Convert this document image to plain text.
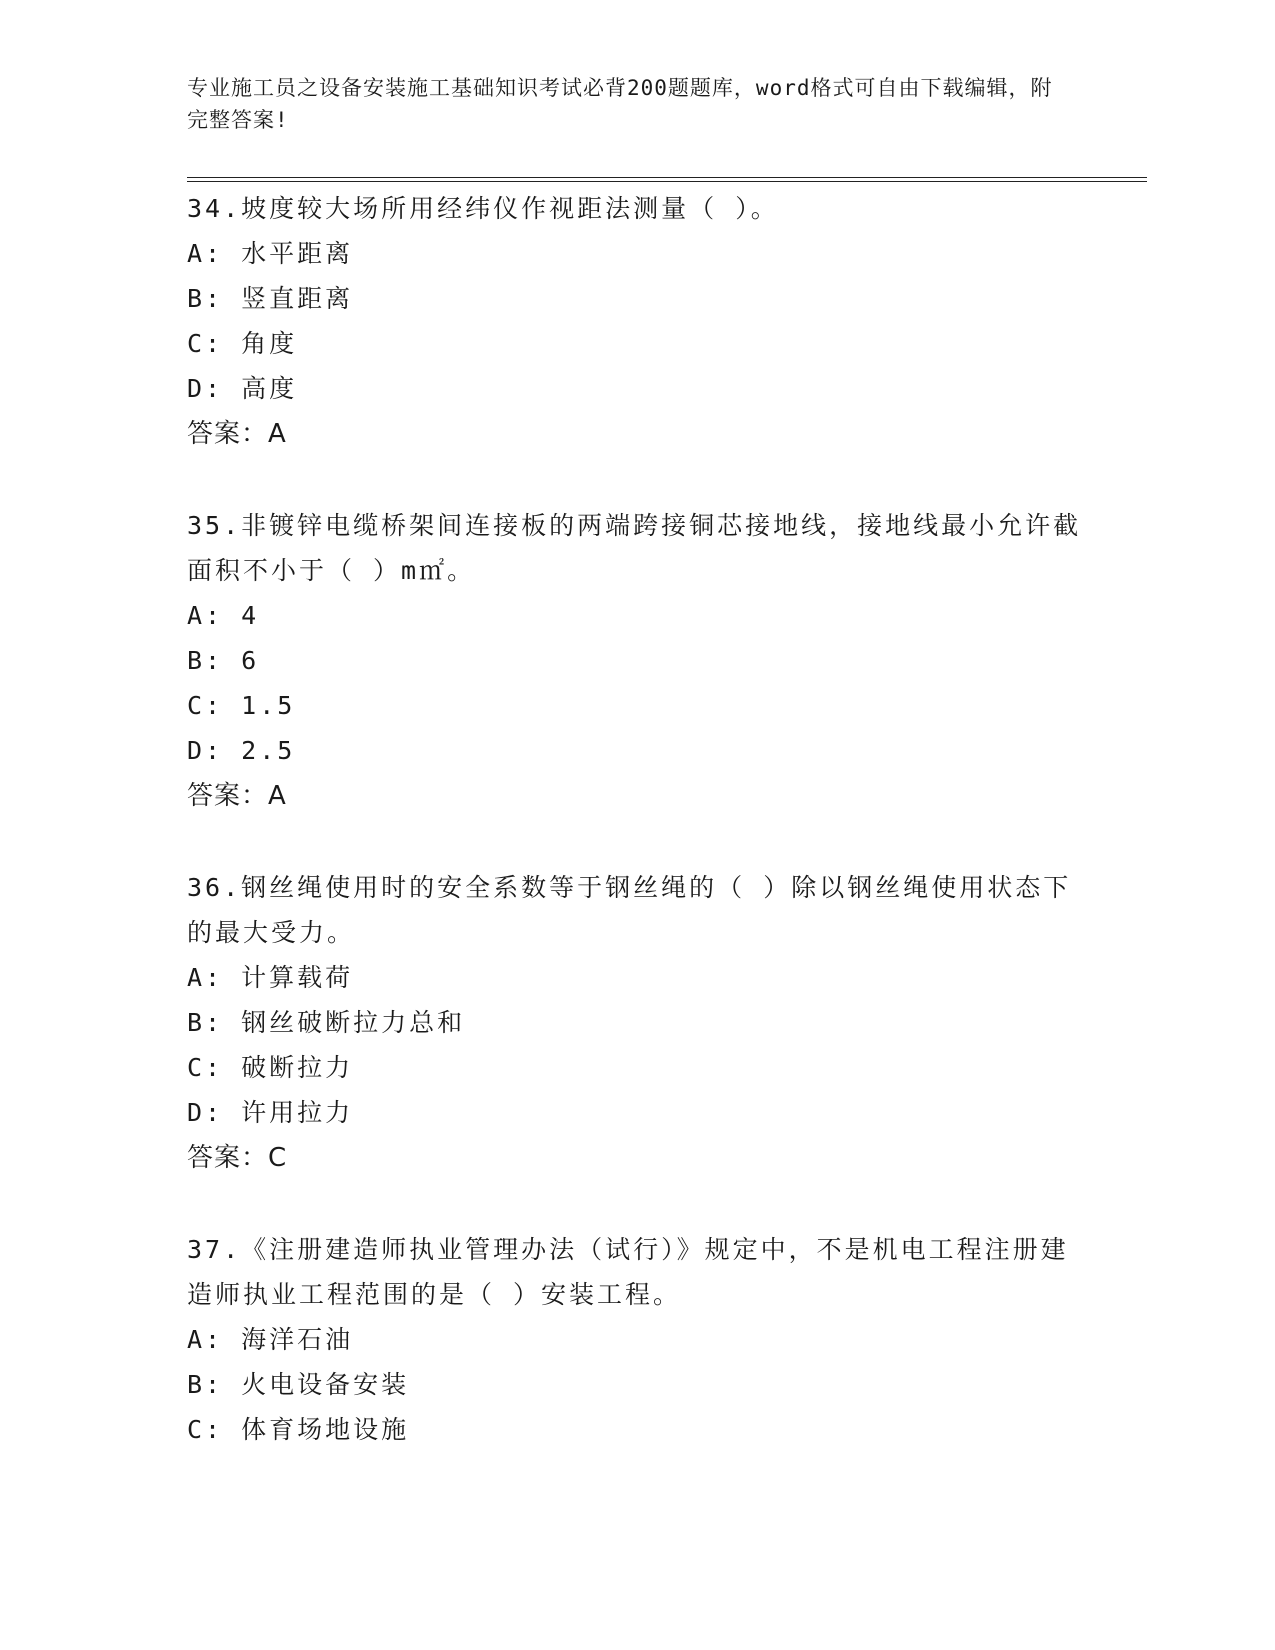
专业施工员之设备安装施工基础知识考试必背200题题库，word格式可自由下载编辑，附完整答案!
34.坡度较大场所用经纬仪作视距法测量（ ）。
A: 水平距离
B: 竖直距离
C: 角度
D: 高度
答案：A
35.非镀锌电缆桥架间连接板的两端跨接铜芯接地线，接地线最小允许截面积不小于（ ）m㎡。
A: 4
B: 6
C: 1.5
D: 2.5
答案：A
36.钢丝绳使用时的安全系数等于钢丝绳的（ ）除以钢丝绳使用状态下的最大受力。
A: 计算载荷
B: 钢丝破断拉力总和
C: 破断拉力
D: 许用拉力
答案：C
37.《注册建造师执业管理办法（试行）》规定中，不是机电工程注册建造师执业工程范围的是（ ）安装工程。
A: 海洋石油
B: 火电设备安装
C: 体育场地设施
